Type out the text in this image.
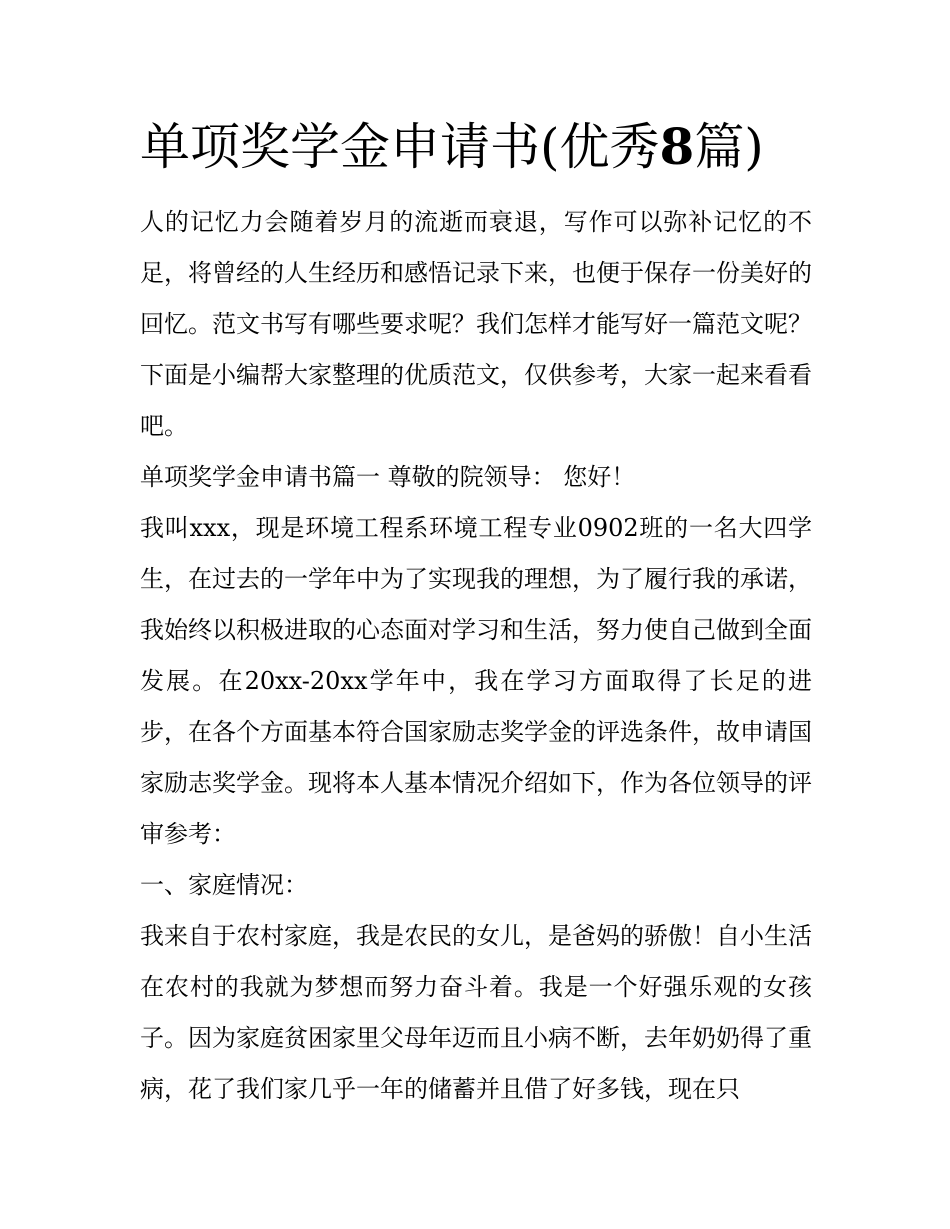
单项奖学金申请书(优秀8篇)

人的记忆力会随着岁月的流逝而衰退，写作可以弥补记忆的不足，将曾经的人生经历和感悟记录下来，也便于保存一份美好的回忆。范文书写有哪些要求呢？我们怎样才能写好一篇范文呢？下面是小编帮大家整理的优质范文，仅供参考，大家一起来看看吧。

单项奖学金申请书篇一 尊敬的院领导： 您好！

我叫xxx，现是环境工程系环境工程专业0902班的一名大四学生，在过去的一学年中为了实现我的理想，为了履行我的承诺，我始终以积极进取的心态面对学习和生活，努力使自己做到全面发展。在20xx-20xx学年中，我在学习方面取得了长足的进步，在各个方面基本符合国家励志奖学金的评选条件，故申请国家励志奖学金。现将本人基本情况介绍如下，作为各位领导的评审参考：

一、家庭情况：

我来自于农村家庭，我是农民的女儿，是爸妈的骄傲！自小生活在农村的我就为梦想而努力奋斗着。我是一个好强乐观的女孩子。因为家庭贫困家里父母年迈而且小病不断，去年奶奶得了重病，花了我们家几乎一年的储蓄并且借了好多钱，现在只
